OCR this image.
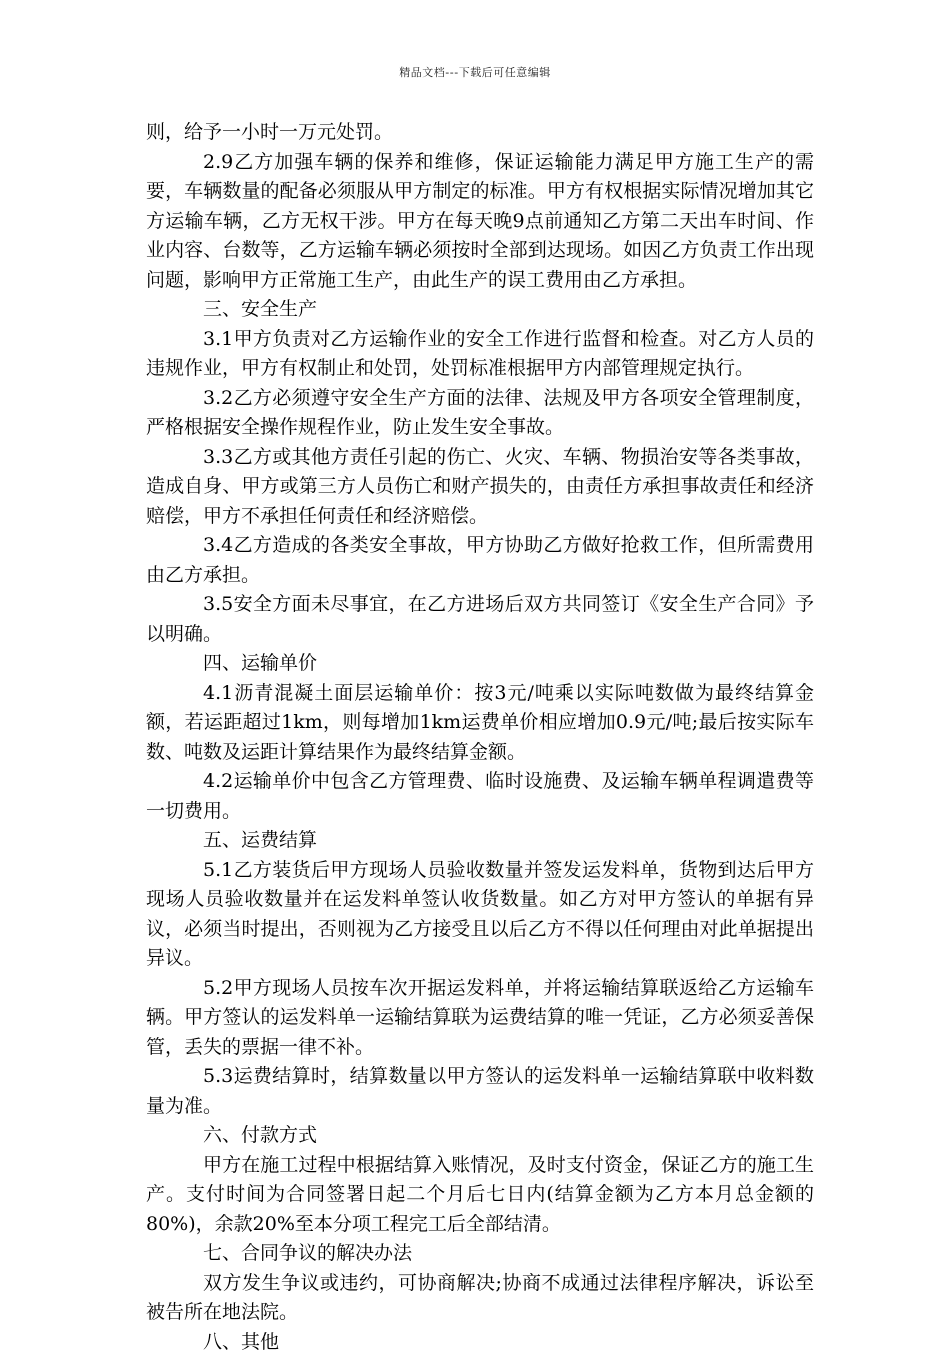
精品文档---下载后可任意编辑

则，给予一小时一万元处罚。

2.9乙方加强车辆的保养和维修，保证运输能力满足甲方施工生产的需要，车辆数量的配备必须服从甲方制定的标准。甲方有权根据实际情况增加其它方运输车辆，乙方无权干涉。甲方在每天晚9点前通知乙方第二天出车时间、作业内容、台数等，乙方运输车辆必须按时全部到达现场。如因乙方负责工作出现问题，影响甲方正常施工生产，由此生产的误工费用由乙方承担。

三、安全生产

3.1甲方负责对乙方运输作业的安全工作进行监督和检查。对乙方人员的违规作业，甲方有权制止和处罚，处罚标准根据甲方内部管理规定执行。

3.2乙方必须遵守安全生产方面的法律、法规及甲方各项安全管理制度，严格根据安全操作规程作业，防止发生安全事故。

3.3乙方或其他方责任引起的伤亡、火灾、车辆、物损治安等各类事故，造成自身、甲方或第三方人员伤亡和财产损失的，由责任方承担事故责任和经济赔偿，甲方不承担任何责任和经济赔偿。

3.4乙方造成的各类安全事故，甲方协助乙方做好抢救工作，但所需费用由乙方承担。

3.5安全方面未尽事宜，在乙方进场后双方共同签订《安全生产合同》予以明确。

四、运输单价

4.1沥青混凝土面层运输单价：按3元/吨乘以实际吨数做为最终结算金额，若运距超过1km，则每增加1km运费单价相应增加0.9元/吨;最后按实际车数、吨数及运距计算结果作为最终结算金额。

4.2运输单价中包含乙方管理费、临时设施费、及运输车辆单程调遣费等一切费用。

五、运费结算

5.1乙方装货后甲方现场人员验收数量并签发运发料单，货物到达后甲方现场人员验收数量并在运发料单签认收货数量。如乙方对甲方签认的单据有异议，必须当时提出，否则视为乙方接受且以后乙方不得以任何理由对此单据提出异议。

5.2甲方现场人员按车次开据运发料单，并将运输结算联返给乙方运输车辆。甲方签认的运发料单一运输结算联为运费结算的唯一凭证，乙方必须妥善保管，丢失的票据一律不补。

5.3运费结算时，结算数量以甲方签认的运发料单一运输结算联中收料数量为准。

六、付款方式

甲方在施工过程中根据结算入账情况，及时支付资金，保证乙方的施工生产。支付时间为合同签署日起二个月后七日内(结算金额为乙方本月总金额的80%)，余款20%至本分项工程完工后全部结清。

七、合同争议的解决办法

双方发生争议或违约，可协商解决;协商不成通过法律程序解决，诉讼至被告所在地法院。

八、其他
